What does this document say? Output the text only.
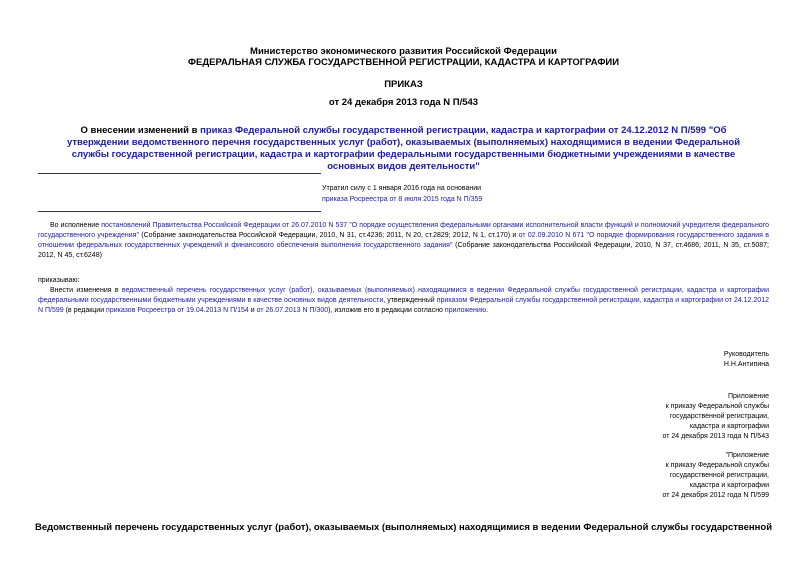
Министерство экономического развития Российской Федерации
ФЕДЕРАЛЬНАЯ СЛУЖБА ГОСУДАРСТВЕННОЙ РЕГИСТРАЦИИ, КАДАСТРА И КАРТОГРАФИИ
ПРИКАЗ
от 24 декабря 2013 года N П/543
О внесении изменений в приказ Федеральной службы государственной регистрации, кадастра и картографии от 24.12.2012 N П/599 "Об утверждении ведомственного перечня государственных услуг (работ), оказываемых (выполняемых) находящимися в ведении Федеральной службы государственной регистрации, кадастра и картографии федеральными государственными бюджетными учреждениями в качестве основных видов деятельности"
Утратил силу с 1 января 2016 года на основании
приказа Росреестра от 8 июля 2015 года N П/359
Во исполнение постановлений Правительства Российской Федерации от 26.07.2010 N 537 "О порядке осуществления федеральными органами исполнительной власти функций и полномочий учредителя федерального государственного учреждения" (Собрание законодательства Российской Федерации, 2010, N 31, ст.4236; 2011, N 20, ст.2829; 2012, N 1, ст.170) и от 02.09.2010 N 671 "О порядке формирования государственного задания в отношении федеральных государственных учреждений и финансового обеспечения выполнения государственного задания" (Собрание законодательства Российской Федерации, 2010, N 37, ст.4686; 2011, N 35, ст.5087; 2012, N 45, ст.6248)
приказываю:
Внести изменения в ведомственный перечень государственных услуг (работ), оказываемых (выполняемых) находящимися в ведении Федеральной службы государственной регистрации, кадастра и картографии федеральными государственными бюджетными учреждениями в качестве основных видов деятельности, утвержденный приказом Федеральной службы государственной регистрации, кадастра и картографии от 24.12.2012 N П/599 (в редакции приказов Росреестра от 19.04.2013 N П/154 и от 26.07.2013 N П/300), изложив его в редакции согласно приложению.
Руководитель
Н.Н.Антипина
Приложение
к приказу Федеральной службы
государственной регистрации,
кадастра и картографии
от 24 декабря 2013 года N П/543
"Приложение
к приказу Федеральной службы
государственной регистрации,
кадастра и картографии
от 24 декабря 2012 года N П/599
Ведомственный перечень государственных услуг (работ), оказываемых (выполняемых) находящимися в ведении Федеральной службы государственной
